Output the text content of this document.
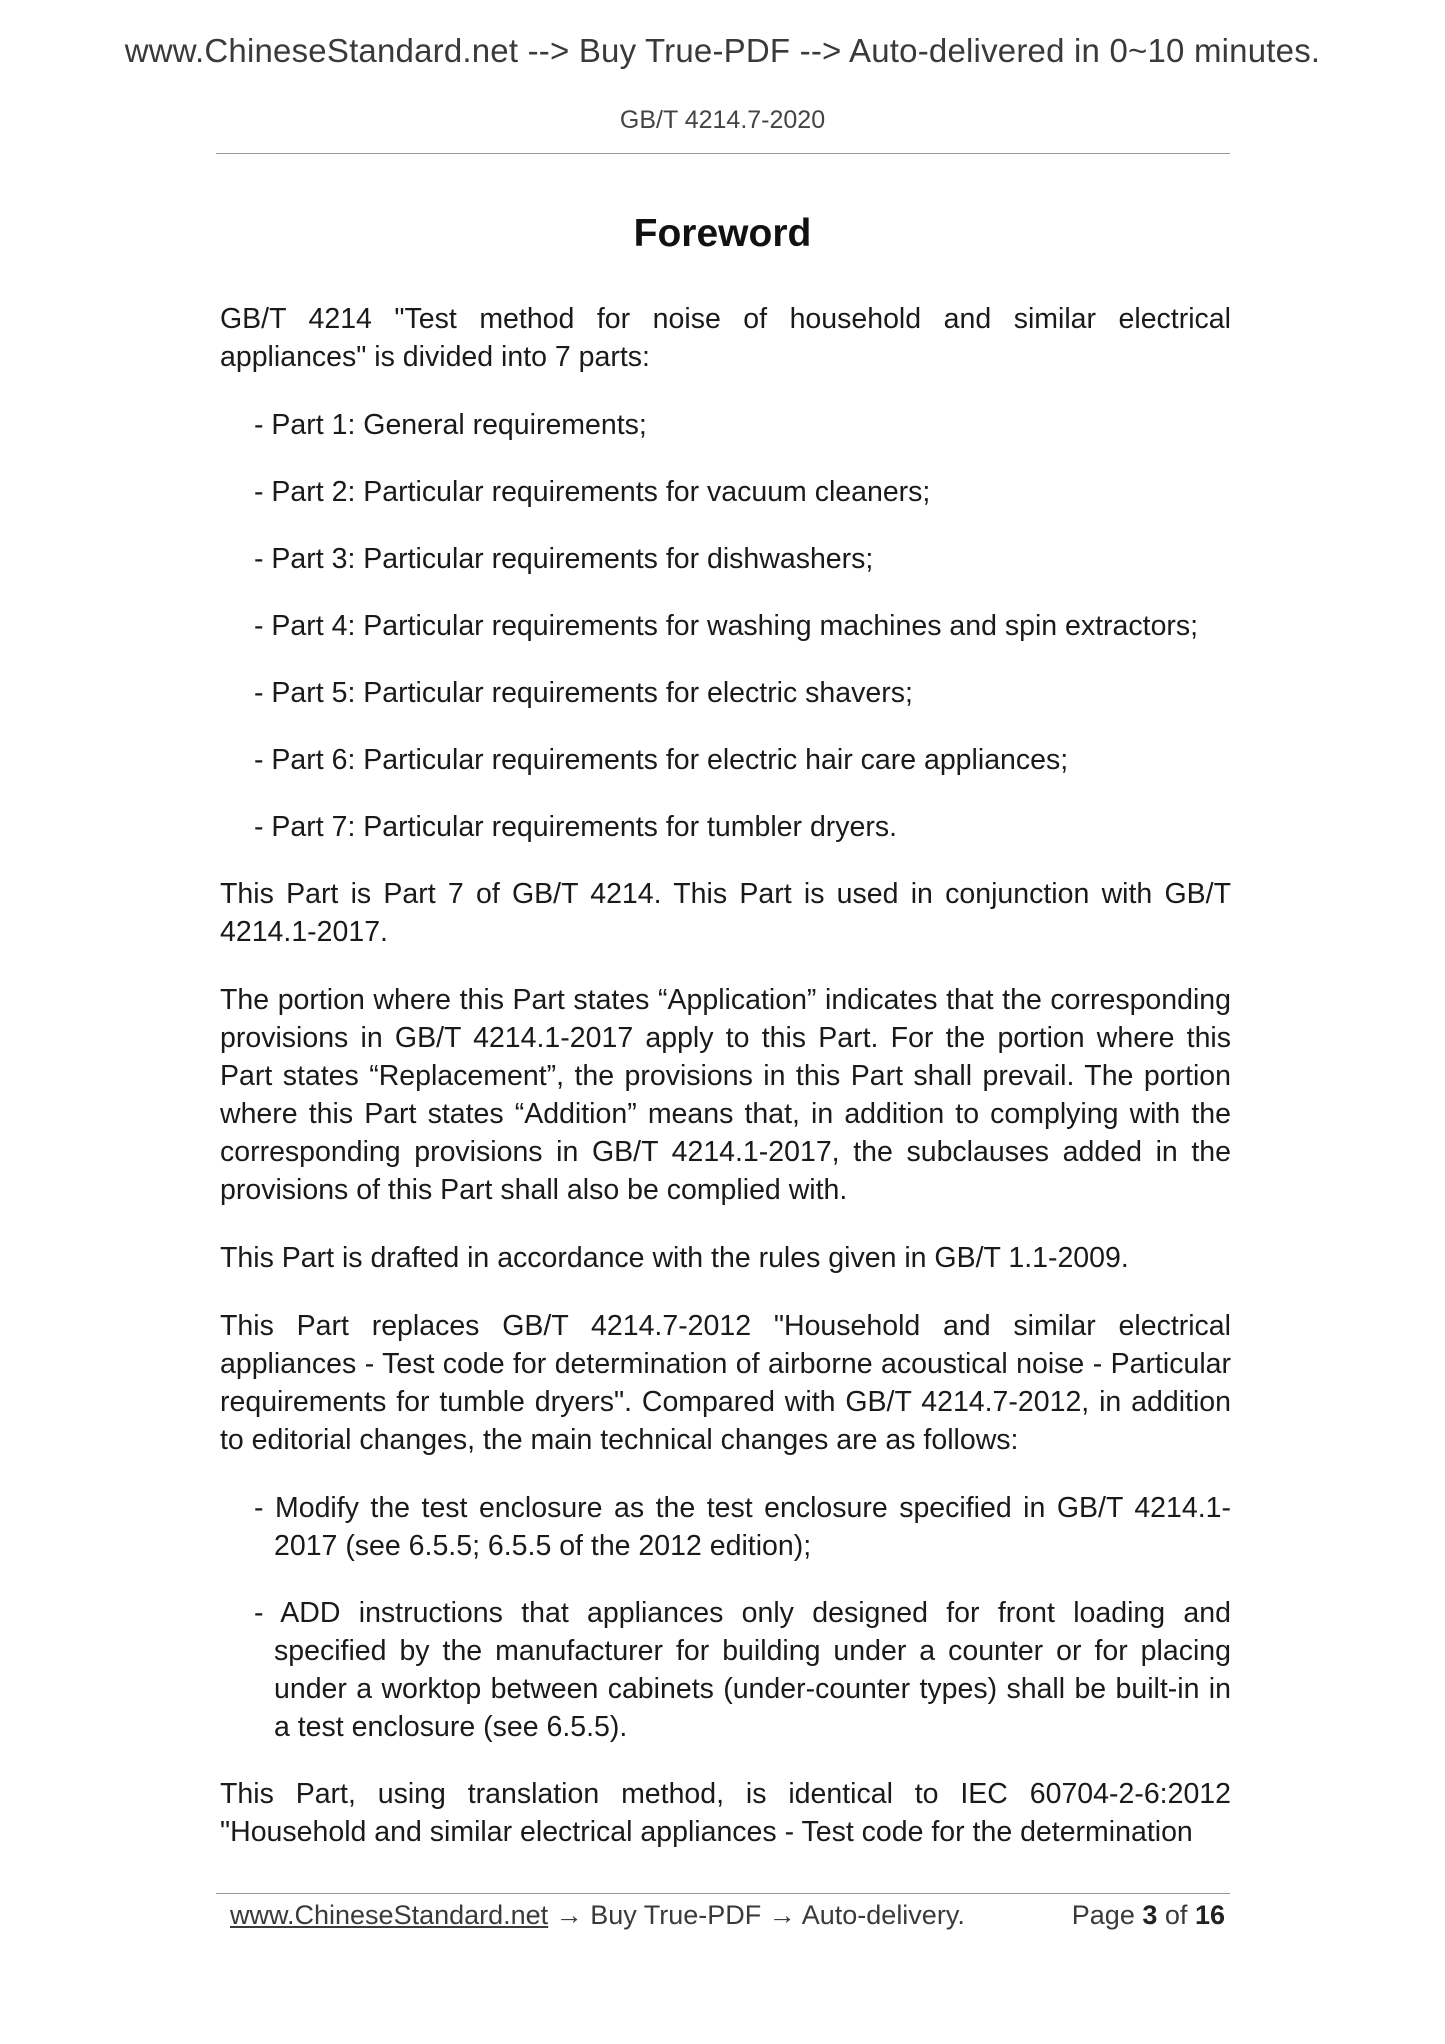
www.ChineseStandard.net --> Buy True-PDF --> Auto-delivered in 0~10 minutes.
GB/T 4214.7-2020
Foreword

GB/T 4214 "Test method for noise of household and similar electrical appliances" is divided into 7 parts:

- Part 1: General requirements;
- Part 2: Particular requirements for vacuum cleaners;
- Part 3: Particular requirements for dishwashers;
- Part 4: Particular requirements for washing machines and spin extractors;
- Part 5: Particular requirements for electric shavers;
- Part 6: Particular requirements for electric hair care appliances;
- Part 7: Particular requirements for tumbler dryers.

This Part is Part 7 of GB/T 4214. This Part is used in conjunction with GB/T 4214.1-2017.

The portion where this Part states “Application” indicates that the corresponding provisions in GB/T 4214.1-2017 apply to this Part. For the portion where this Part states “Replacement”, the provisions in this Part shall prevail. The portion where this Part states “Addition” means that, in addition to complying with the corresponding provisions in GB/T 4214.1-2017, the subclauses added in the provisions of this Part shall also be complied with.

This Part is drafted in accordance with the rules given in GB/T 1.1-2009.

This Part replaces GB/T 4214.7-2012 "Household and similar electrical appliances - Test code for determination of airborne acoustical noise - Particular requirements for tumble dryers". Compared with GB/T 4214.7-2012, in addition to editorial changes, the main technical changes are as follows:

- Modify the test enclosure as the test enclosure specified in GB/T 4214.1-2017 (see 6.5.5; 6.5.5 of the 2012 edition);
- ADD instructions that appliances only designed for front loading and specified by the manufacturer for building under a counter or for placing under a worktop between cabinets (under-counter types) shall be built-in in a test enclosure (see 6.5.5).

This Part, using translation method, is identical to IEC 60704-2-6:2012 "Household and similar electrical appliances - Test code for the determination

www.ChineseStandard.net → Buy True-PDF → Auto-delivery.	Page 3 of 16
